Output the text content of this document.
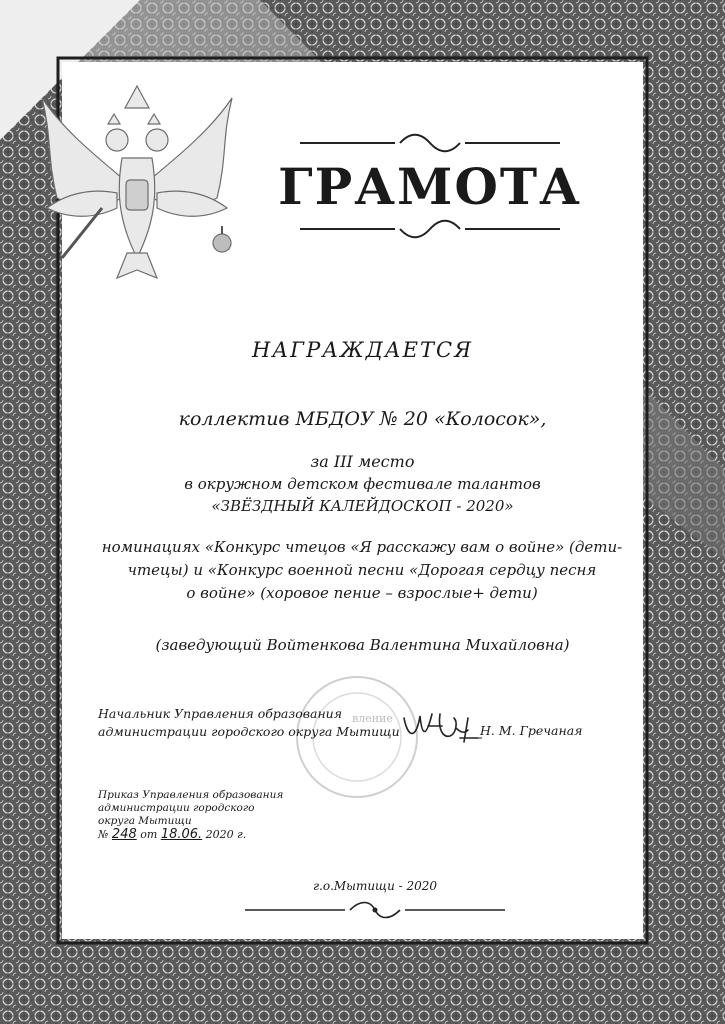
ГРАМОТА
НАГРАЖДАЕТСЯ
коллектив МБДОУ № 20 «Колосок»,
за III место
в окружном детском фестивале талантов
«ЗВЁЗДНЫЙ КАЛЕЙДОСКОП - 2020»
номинациях «Конкурс чтецов «Я расскажу вам о войне» (дети-
чтецы) и «Конкурс военной песни «Дорогая сердцу песня
о войне» (хоровое пение – взрослые+ дети)
(заведующий Войтенкова Валентина Михайловна)
вление
Начальник Управления образования
администрации городского округа Мытищи	Н. М. Гречаная
Приказ Управления образования
администрации городского
округа Мытищи
№ 248 от 18.06. 2020 г.
г.о.Мытищи - 2020
